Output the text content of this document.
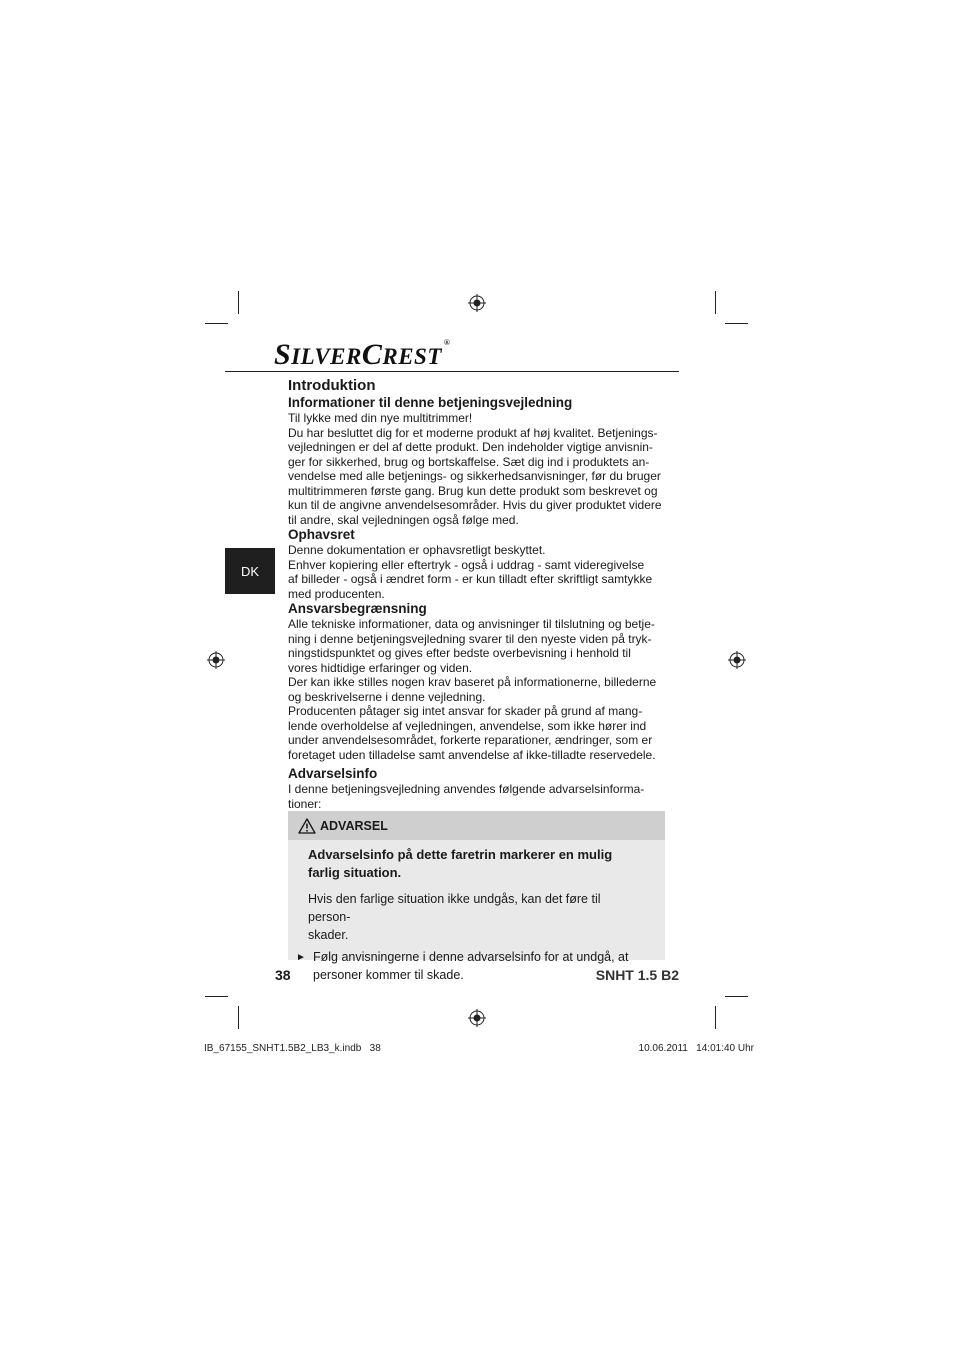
SILVERCREST®
DK

Introduktion

Informationer til denne betjeningsvejledning

Til lykke med din nye multitrimmer!

Du har besluttet dig for et moderne produkt af høj kvalitet. Betjenings-

vejledningen er del af dette produkt. Den indeholder vigtige anvisnin-

ger for sikkerhed, brug og bortskaffelse. Sæt dig ind i produktets an-

vendelse med alle betjenings- og sikkerhedsanvisninger, før du bruger

multitrimmeren første gang. Brug kun dette produkt som beskrevet og

kun til de angivne anvendelsesområder. Hvis du giver produktet videre

til andre, skal vejledningen også følge med.

Ophavsret

Denne dokumentation er ophavsretligt beskyttet.

Enhver kopiering eller eftertryk - også i uddrag - samt videregivelse

af billeder - også i ændret form - er kun tilladt efter skriftligt samtykke

med producenten.

Ansvarsbegrænsning

Alle tekniske informationer, data og anvisninger til tilslutning og betje-

ning i denne betjeningsvejledning svarer til den nyeste viden på tryk-

ningstidspunktet og gives efter bedste overbevisning i henhold til

vores hidtidige erfaringer og viden.

Der kan ikke stilles nogen krav baseret på informationerne, billederne

og beskrivelserne i denne vejledning.

Producenten påtager sig intet ansvar for skader på grund af mang-

lende overholdelse af vejledningen, anvendelse, som ikke hører ind

under anvendelsesområdet, forkerte reparationer, ændringer, som er

foretaget uden tilladelse samt anvendelse af ikke-tilladte reservedele.

Advarselsinfo

I denne betjeningsvejledning anvendes følgende advarselsinforma-

tioner:

ADVARSEL

Advarselsinfo på dette faretrin markerer en mulig

farlig situation.

Hvis den farlige situation ikke undgås, kan det føre til person-

skader.

► Følg anvisningerne i denne advarselsinfo for at undgå, at
personer kommer til skade.
38	SNHT 1.5 B2
IB_67155_SNHT1.5B2_LB3_k.indb   38	10.06.2011   14:01:40 Uhr
